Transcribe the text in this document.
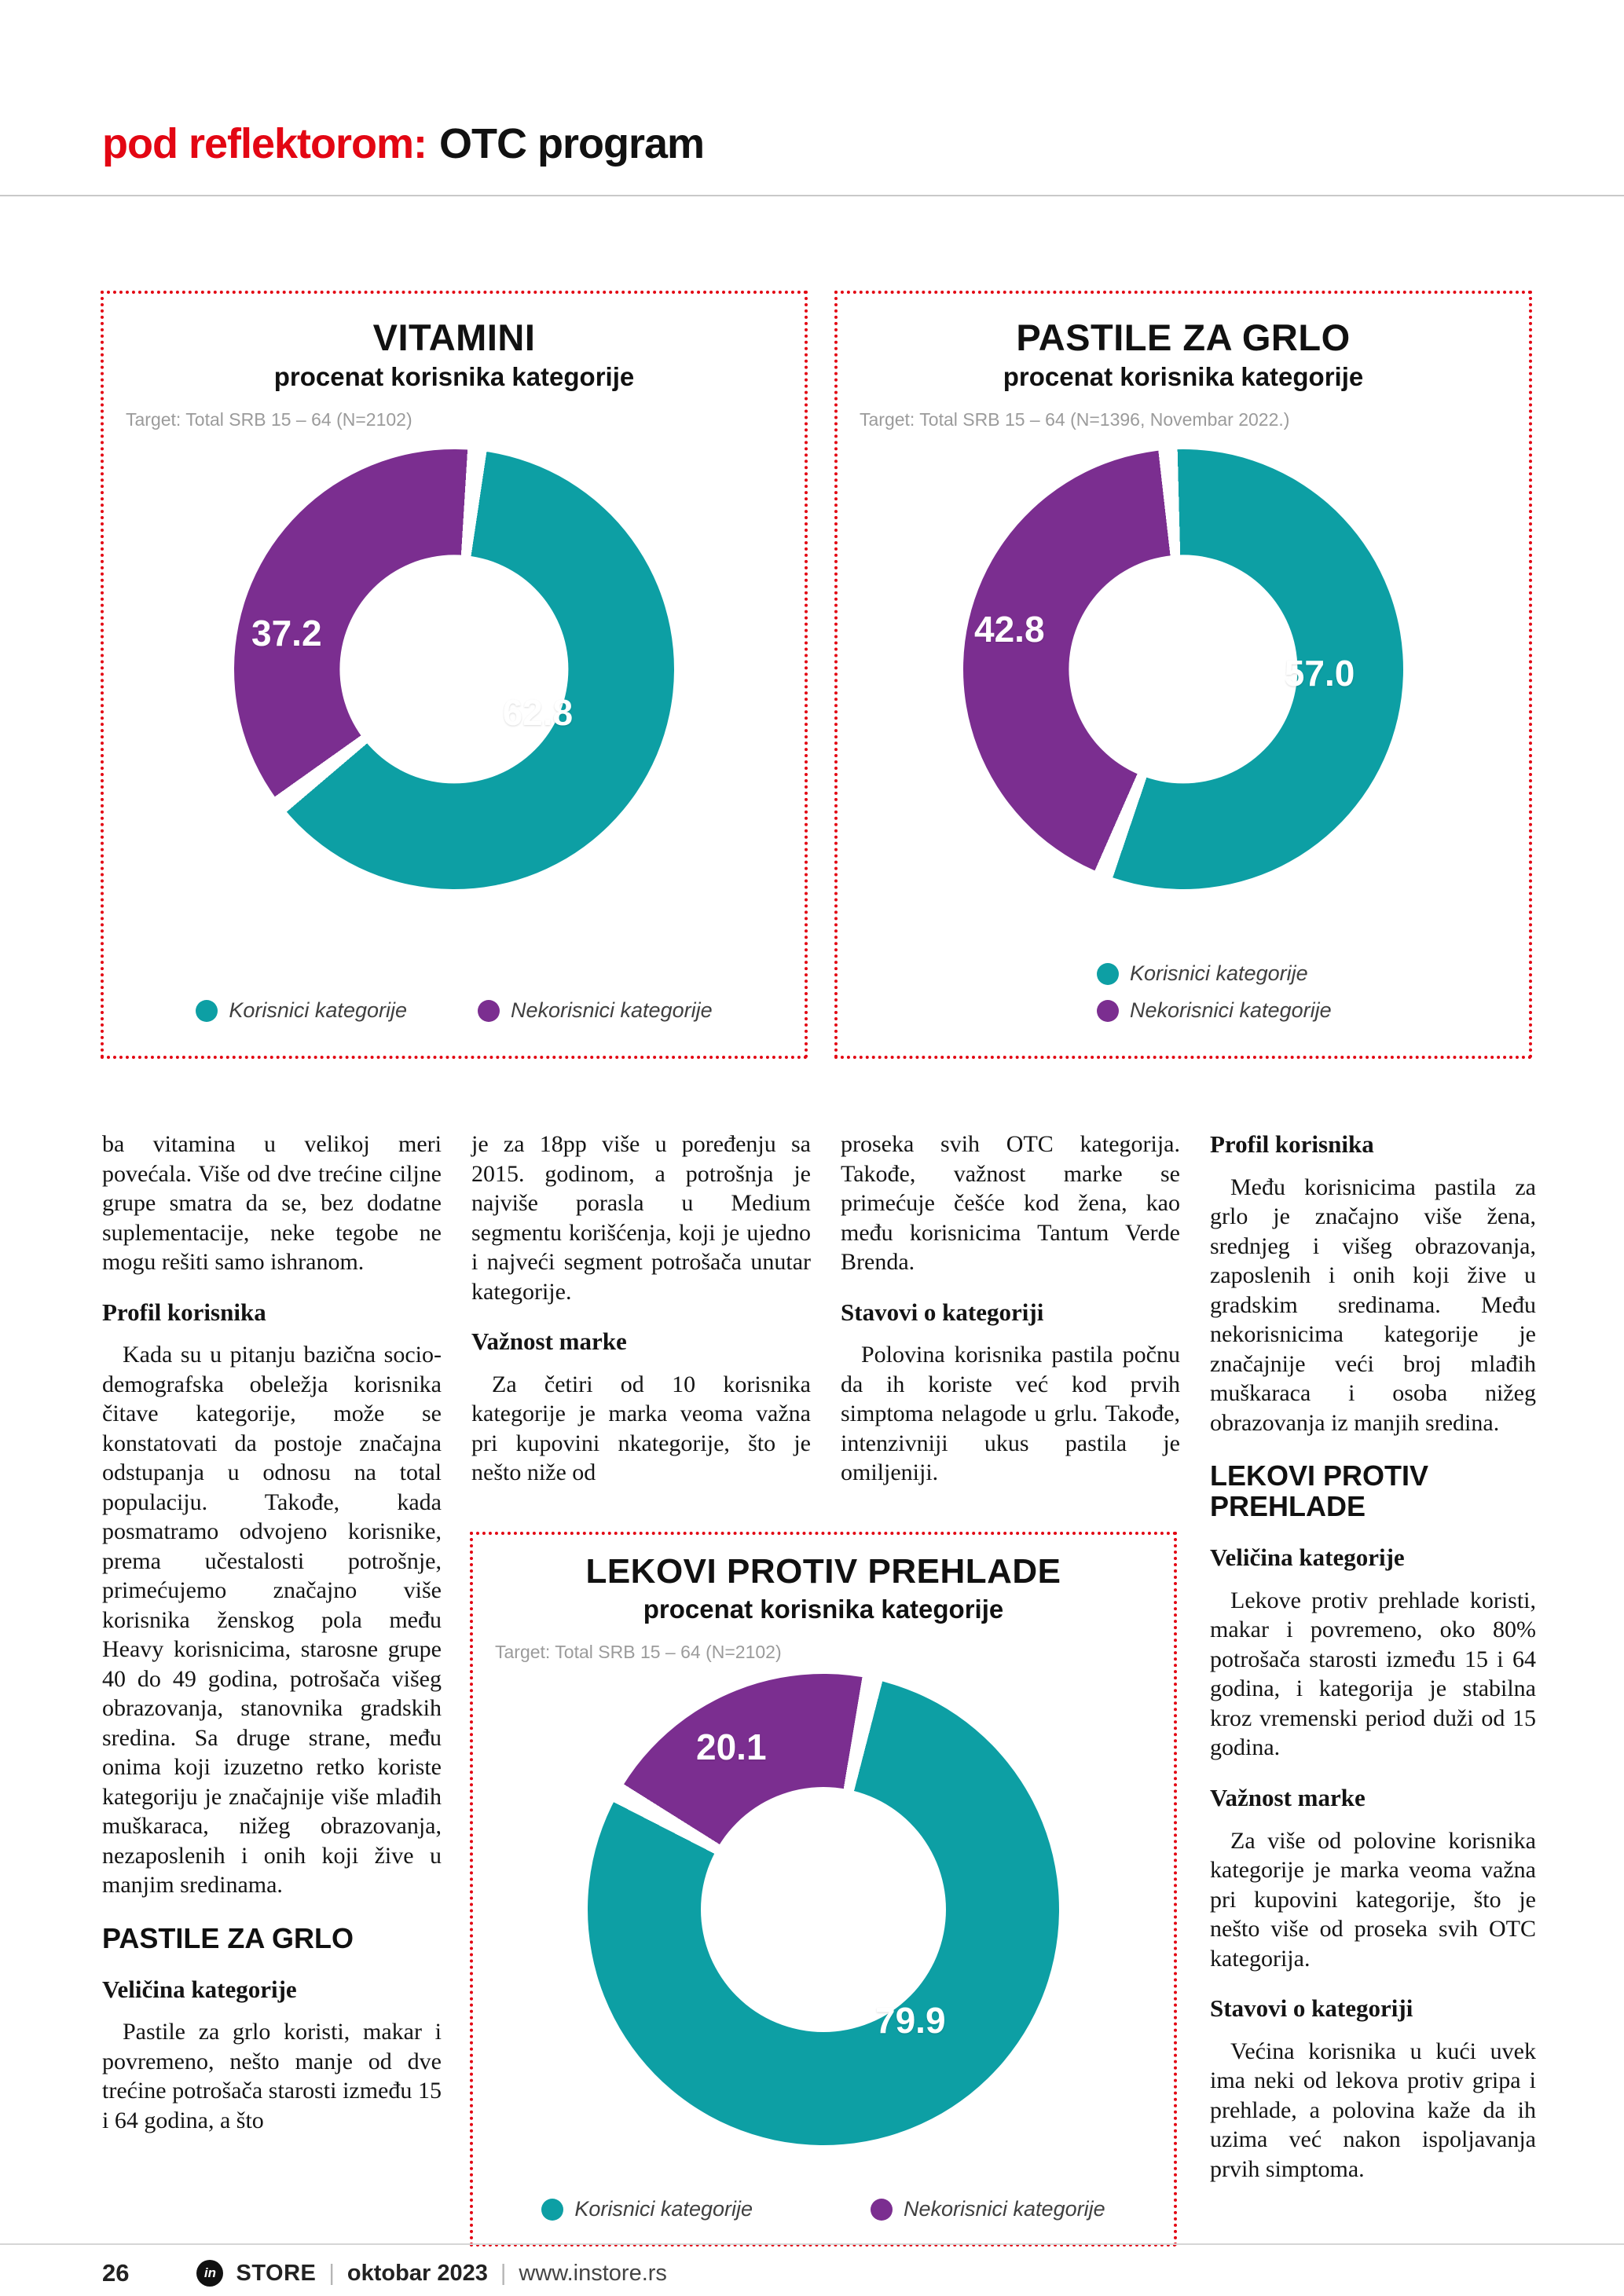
pod reflektorom: OTC program
VITAMINI
procenat korisnika kategorije
Target: Total SRB 15 – 64 (N=2102)
37.2
62.8
Korisnici kategorije	Nekorisnici kategorije
PASTILE ZA GRLO
procenat korisnika kategorije
Target: Total SRB 15 – 64 (N=1396, Novembar 2022.)
42.8
57.0
Korisnici kategorije
Nekorisnici kategorije

ba vitamina u velikoj meri povećala. Više od dve trećine ciljne grupe smatra da se, bez dodatne suplementacije, neke tegobe ne mogu rešiti samo ishranom.

Profil korisnika

Kada su u pitanju bazična socio-demografska obeležja korisnika čitave kategorije, može se konstatovati da postoje značajna odstupanja u odnosu na total populaciju. Takođe, kada posmatramo odvojeno korisnike, prema učestalosti potrošnje, primećujemo značajno više korisnika ženskog pola među Heavy korisnicima, starosne grupe 40 do 49 godina, potrošača višeg obrazovanja, stanovnika gradskih sredina. Sa druge strane, među onima koji izuzetno retko koriste kategoriju je značajnije više mlađih muškaraca, nižeg obrazovanja, nezaposlenih i onih koji žive u manjim sredinama.

PASTILE ZA GRLO
Veličina kategorije

Pastile za grlo koristi, makar i povremeno, nešto manje od dve trećine potrošača starosti između 15 i 64 godina, a što

je za 18pp više u poređenju sa 2015. godinom, a potrošnja je najviše porasla u Medium segmentu korišćenja, koji je ujedno i najveći segment potrošača unutar kategorije.

Važnost marke

Za četiri od 10 korisnika kategorije je marka veoma važna pri kupovini nkategorije, što je nešto niže od

proseka svih OTC kategorija. Takođe, važnost marke se primećuje češće kod žena, kao među korisnicima Tantum Verde Brenda.

Stavovi o kategoriji

Polovina korisnika pastila počnu da ih koriste već kod prvih simptoma nelagode u grlu. Takođe, intenzivniji ukus pastila je omiljeniji.

Profil korisnika

Među korisnicima pastila za grlo je značajno više žena, srednjeg i višeg obrazovanja, zaposlenih i onih koji žive u gradskim sredinama. Među nekorisnicima kategorije je značajnije veći broj mlađih muškaraca i osoba nižeg obrazovanja iz manjih sredina.

LEKOVI PROTIV PREHLADE
Veličina kategorije

Lekove protiv prehlade koristi, makar i povremeno, oko 80% potrošača starosti između 15 i 64 godina, i kategorija je stabilna kroz vremenski period duži od 15 godina.

Važnost marke

Za više od polovine korisnika kategorije je marka veoma važna pri kupovini kategorije, što je nešto više od proseka svih OTC kategorija.

Stavovi o kategoriji

Većina korisnika u kući uvek ima neki od lekova protiv gripa i prehlade, a polovina kaže da ih uzima već nakon ispoljavanja prvih simptoma.

LEKOVI PROTIV PREHLADE
procenat korisnika kategorije
Target: Total SRB 15 – 64 (N=2102)
20.1
79.9
Korisnici kategorije	Nekorisnici kategorije
26	in STORE | oktobar 2023 | www.instore.rs
